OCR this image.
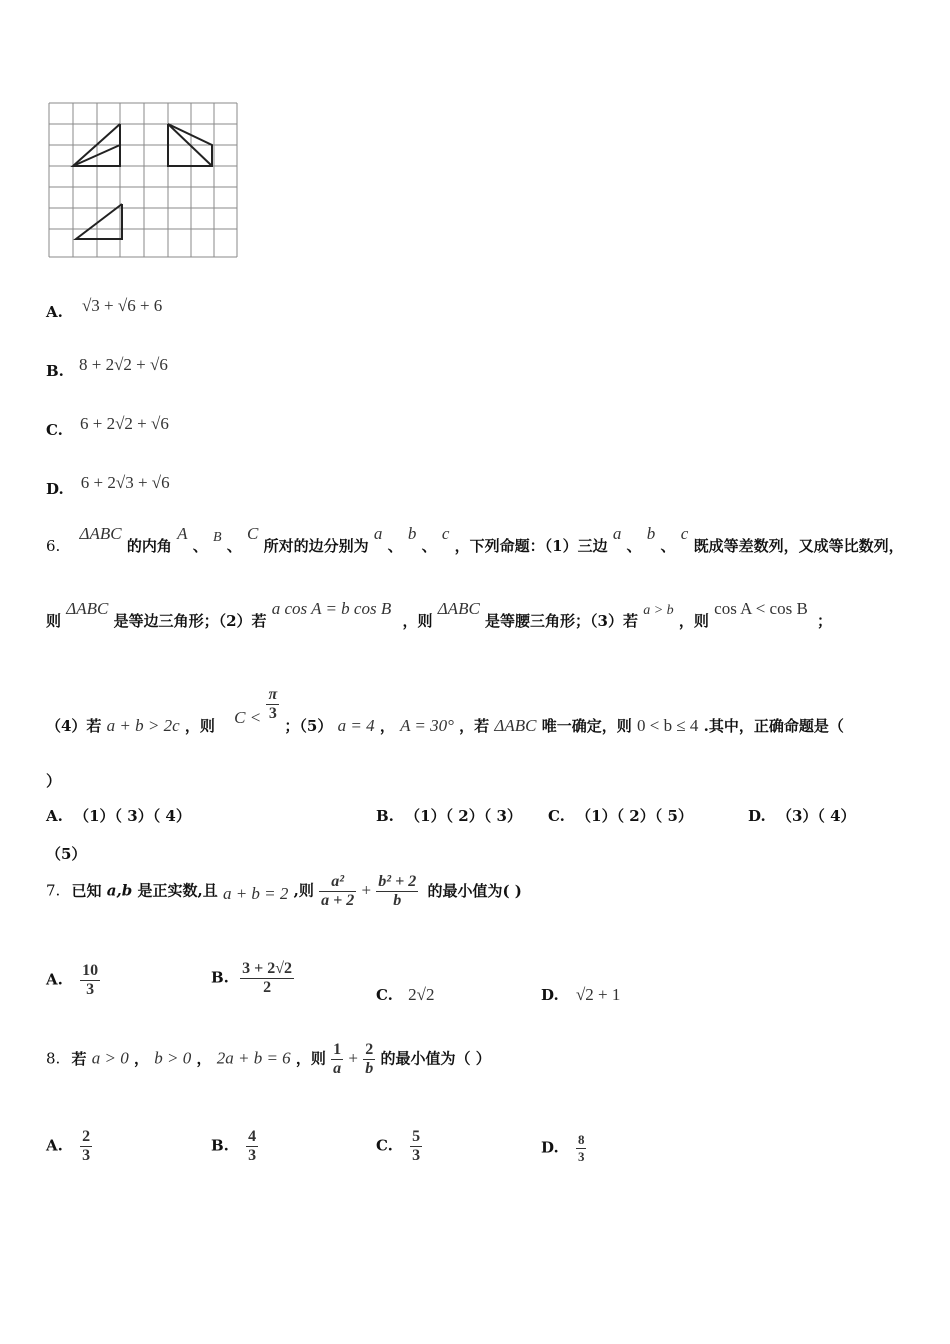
A. √3 + √6 + 6
B. 8 + 2√2 + √6
C. 6 + 2√2 + √6
D. 6 + 2√3 + √6
6. ΔABC 的内角 A 、 B 、 C 所对的边分别为 a 、 b 、 c ，下列命题：（1）三边 a 、 b 、 c 既成等差数列，又成等比数列，
则 ΔABC 是等边三角形；（2）若 a cos A = b cos B ，则 ΔABC 是等腰三角形；（3）若 a > b ，则 cos A < cos B ；
（4）若 a + b > 2c ，则 $C < \frac{\pi}{3}$
；（5） a = 4 ， A = 30° ，若 ΔABC 唯一确定，则 0 < b ≤ 4 .其中，正确命题是（
）
A. （1）（ 3）（ 4）	B. （1）（ 2）（ 3） C. （1）（ 2）（ 5）	D. （3）（ 4）
（5）
7. 已知 a,b 是正实数,且 a + b = 2 ,则 $\frac{\text{a²}}{a + 2} + \frac{\text{b² + 2}}{b}$ 的最小值为( )
A. $\frac{10}{3}$	B. $\frac{3 + 2√2}{2}$	C. 2√2	D. √2 + 1
8. 若 a > 0 ， b > 0 ， 2a + b = 6 ，则 $\frac{1}{a} + \frac{2}{b}$ 的最小值为（ ）
A. $\frac{2}{3}$	B. $\frac{4}{3}$	C. $\frac{5}{3}$	D. $\frac{8}{3}$
